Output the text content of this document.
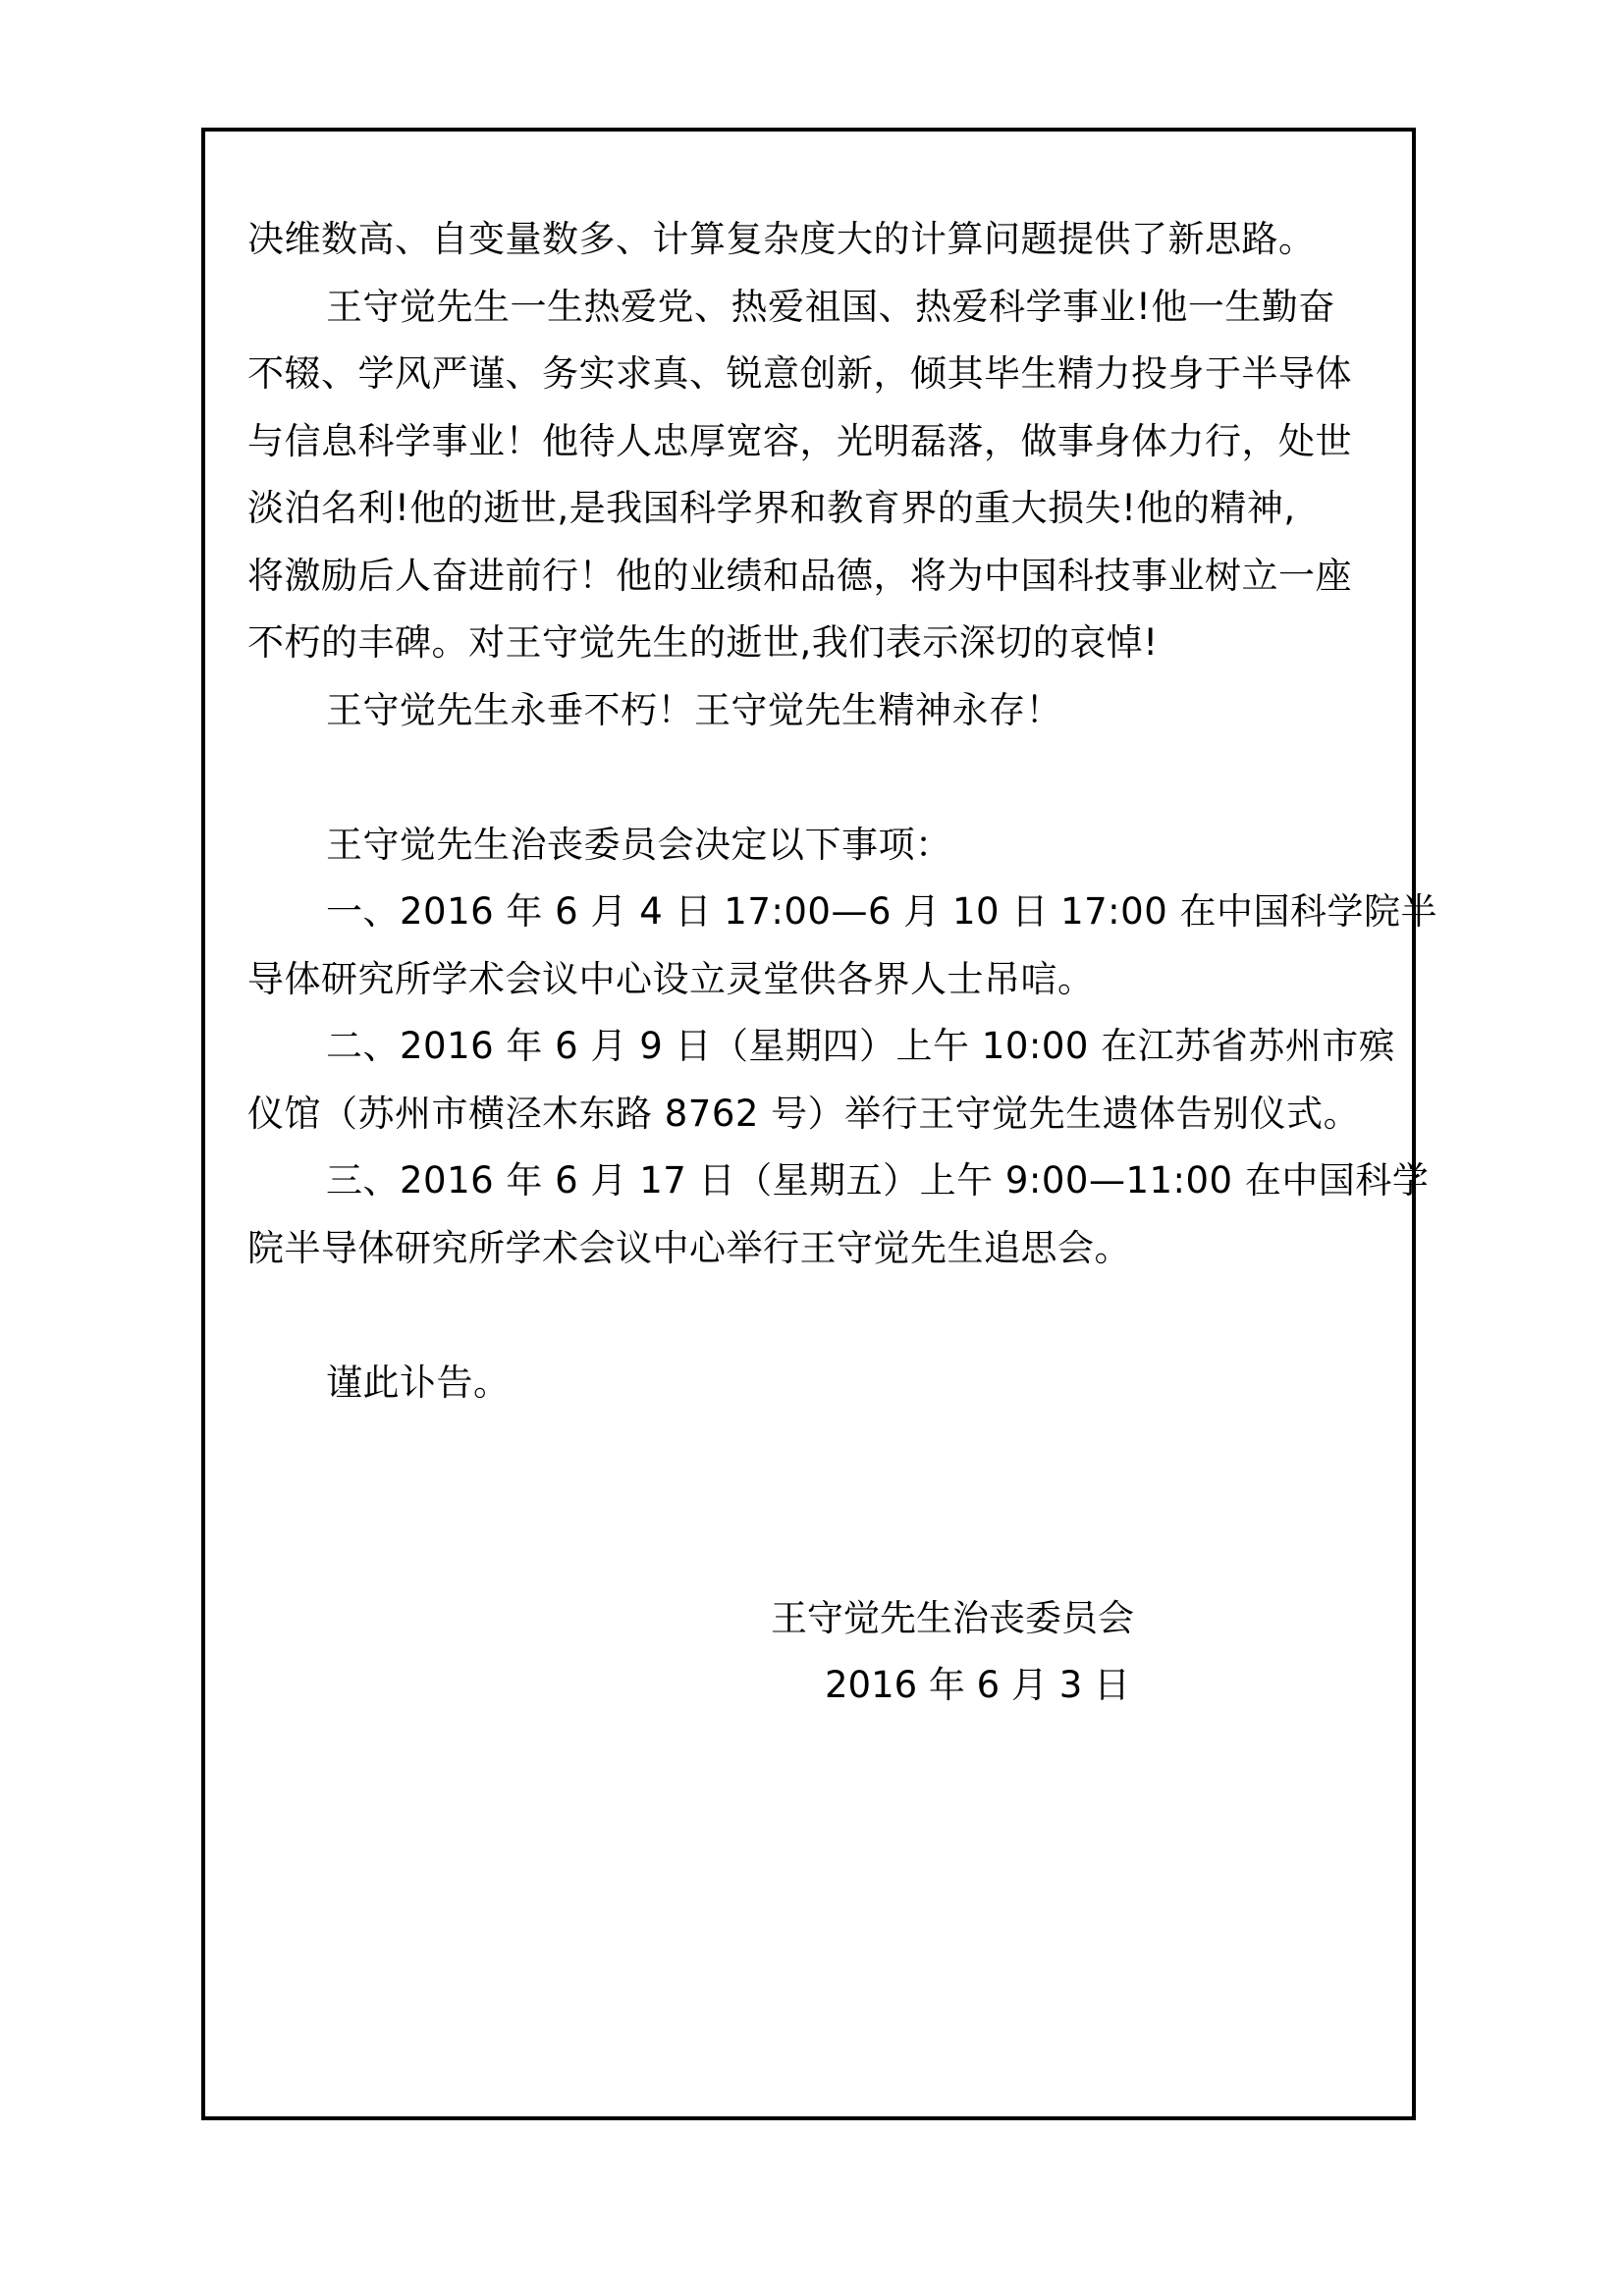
决维数高、自变量数多、计算复杂度大的计算问题提供了新思路。

王守觉先生一生热爱党、热爱祖国、热爱科学事业!他一生勤奋

不辍、学风严谨、务实求真、锐意创新，倾其毕生精力投身于半导体

与信息科学事业！他待人忠厚宽容，光明磊落，做事身体力行，处世

淡泊名利!他的逝世,是我国科学界和教育界的重大损失!他的精神,

将激励后人奋进前行！他的业绩和品德，将为中国科技事业树立一座

不朽的丰碑。对王守觉先生的逝世,我们表示深切的哀悼!

王守觉先生永垂不朽！王守觉先生精神永存！

王守觉先生治丧委员会决定以下事项：

一、2016 年 6 月 4 日 17:00—6 月 10 日 17:00 在中国科学院半

导体研究所学术会议中心设立灵堂供各界人士吊唁。

二、2016 年 6 月 9 日（星期四）上午 10:00 在江苏省苏州市殡

仪馆（苏州市横泾木东路 8762 号）举行王守觉先生遗体告别仪式。

三、2016 年 6 月 17 日（星期五）上午 9:00—11:00 在中国科学

院半导体研究所学术会议中心举行王守觉先生追思会。

谨此讣告。

王守觉先生治丧委员会

2016 年 6 月 3 日
